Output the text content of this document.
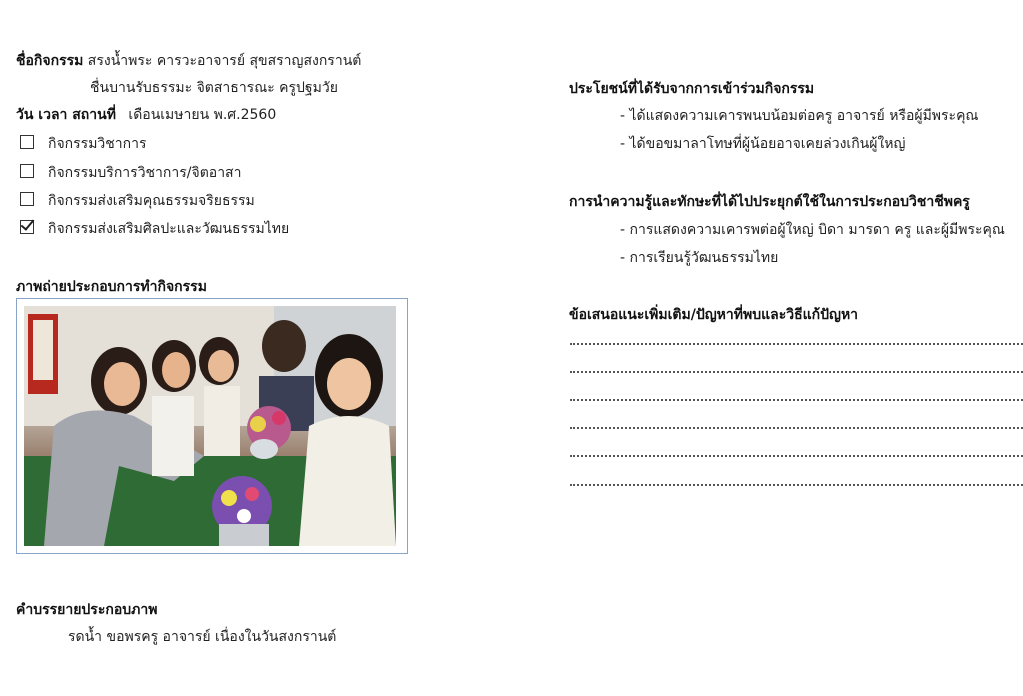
ชื่อกิจกรรม สรงน้ำพระ คารวะอาจารย์ สุขสราญสงกรานต์
ชื่นบานรับธรรมะ จิตสาธารณะ ครูปฐมวัย
วัน เวลา สถานที่ เดือนเมษายน พ.ศ.2560
กิจกรรมวิชาการ
กิจกรรมบริการวิชาการ/จิตอาสา
กิจกรรมส่งเสริมคุณธรรมจริยธรรม
กิจกรรมส่งเสริมศิลปะและวัฒนธรรมไทย
ภาพถ่ายประกอบการทำกิจกรรม
คำบรรยายประกอบภาพ
รดน้ำ ขอพรครู อาจารย์ เนื่องในวันสงกรานต์
ประโยชน์ที่ได้รับจากการเข้าร่วมกิจกรรม
- ได้แสดงความเคารพนบน้อมต่อครู อาจารย์ หรือผู้มีพระคุณ
- ได้ขอขมาลาโทษที่ผู้น้อยอาจเคยล่วงเกินผู้ใหญ่
การนำความรู้และทักษะที่ได้ไปประยุกต์ใช้ในการประกอบวิชาชีพครู
- การแสดงความเคารพต่อผู้ใหญ่ บิดา มารดา ครู และผู้มีพระคุณ
- การเรียนรู้วัฒนธรรมไทย
ข้อเสนอแนะเพิ่มเติม/ปัญหาที่พบและวิธีแก้ปัญหา
